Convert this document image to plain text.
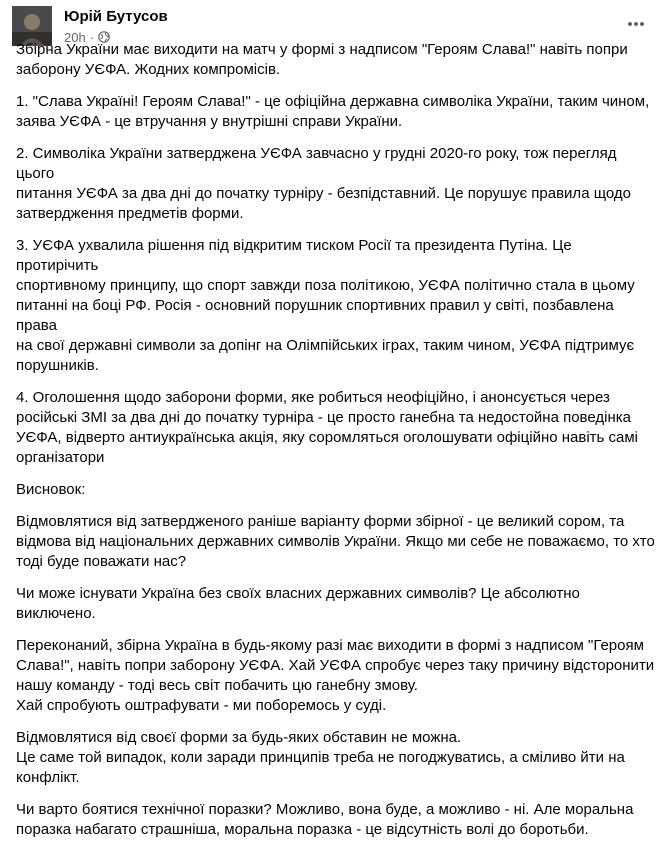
Юрій Бутусов
20h ·

Збірна України має виходити на матч у формі з надписом "Героям Слава!" навіть попри
заборону УЄФА. Жодних компромісів.

1. "Слава Україні! Героям Слава!" - це офіційна державна символіка України, таким чином,
заява УЄФА - це втручання у внутрішні справи України.

2. Символіка України затверджена УЄФА завчасно у грудні 2020-го року, тож перегляд цього
питання УЄФА за два дні до початку турніру - безпідставний. Це порушує правила щодо
затвердження предметів форми.

3. УЄФА ухвалила рішення під відкритим тиском Росії та президента Путіна. Це протирічить
спортивному принципу, що спорт завжди поза політикою, УЄФА політично стала в цьому
питанні на боці РФ. Росія - основний порушник спортивних правил у світі, позбавлена права
на свої державні символи за допінг на Олімпійських іграх, таким чином, УЄФА підтримує
порушників.

4. Оголошення щодо заборони форми, яке робиться неофіційно, і анонсується через
російські ЗМІ за два дні до початку турніра - це просто ганебна та недостойна поведінка
УЄФА, відверто антиукраїнська акція, яку соромляться оголошувати офіційно навіть самі
організатори

Висновок:

Відмовлятися від затвердженого раніше варіанту форми збірної - це великий сором, та
відмова від національних державних символів України. Якщо ми себе не поважаємо, то хто
тоді буде поважати нас?

Чи може існувати Україна без своїх власних державних символів? Це абсолютно виключено.

Переконаний, збірна Україна в будь-якому разі має виходити в формі з надписом "Героям
Слава!", навіть попри заборону УЄФА. Хай УЄФА спробує через таку причину відсторонити
нашу команду - тоді весь світ побачить цю ганебну змову.
Хай спробують оштрафувати - ми поборемось у суді.

Відмовлятися від своєї форми за будь-яких обставин не можна.
Це саме той випадок, коли заради принципів треба не погоджуватись, а сміливо йти на
конфлікт.

Чи варто боятися технічної поразки? Можливо, вона буде, а можливо - ні. Але моральна
поразка набагато страшніша, моральна поразка - це відсутність волі до боротьби.
